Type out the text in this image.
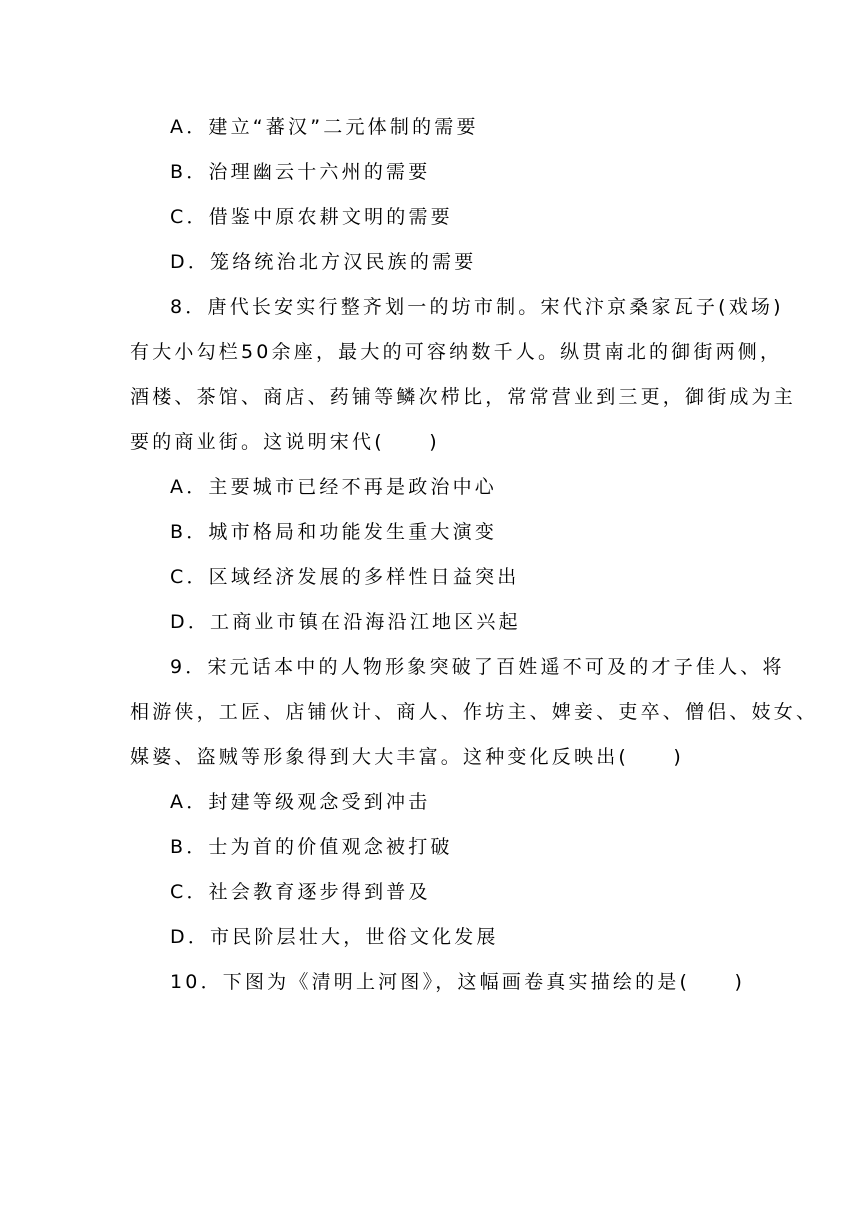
A．建立“蕃汉”二元体制的需要
B．治理幽云十六州的需要
C．借鉴中原农耕文明的需要
D．笼络统治北方汉民族的需要
8．唐代长安实行整齐划一的坊市制。宋代汴京桑家瓦子(戏场)
有大小勾栏50余座，最大的可容纳数千人。纵贯南北的御街两侧，
酒楼、茶馆、商店、药铺等鳞次栉比，常常营业到三更，御街成为主
要的商业街。这说明宋代(　　)
A．主要城市已经不再是政治中心
B．城市格局和功能发生重大演变
C．区域经济发展的多样性日益突出
D．工商业市镇在沿海沿江地区兴起
9．宋元话本中的人物形象突破了百姓遥不可及的才子佳人、将
相游侠，工匠、店铺伙计、商人、作坊主、婢妾、吏卒、僧侣、妓女、
媒婆、盗贼等形象得到大大丰富。这种变化反映出(　　)
A．封建等级观念受到冲击
B．士为首的价值观念被打破
C．社会教育逐步得到普及
D．市民阶层壮大，世俗文化发展
10．下图为《清明上河图》，这幅画卷真实描绘的是(　　)
